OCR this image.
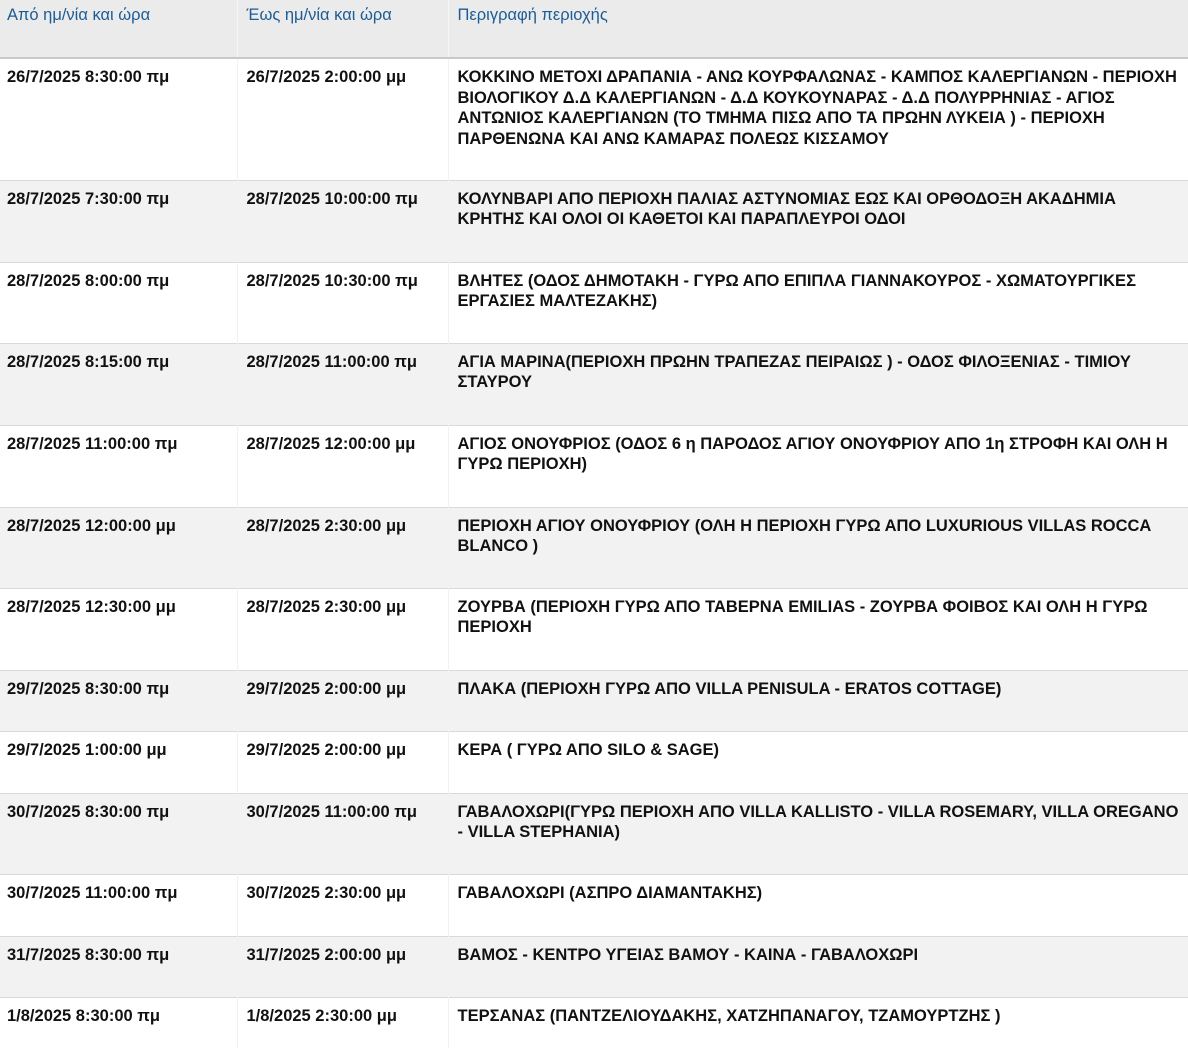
Από ημ/νία και ώρα	Έως ημ/νία και ώρα	Περιγραφή περιοχής
26/7/2025 8:30:00 πμ	26/7/2025 2:00:00 μμ	ΚΟΚΚΙΝΟ ΜΕΤΟΧΙ ΔΡΑΠΑΝΙΑ - ΑΝΩ ΚΟΥΡΦΑΛΩΝΑΣ - ΚΑΜΠΟΣ ΚΑΛΕΡΓΙΑΝΩΝ - ΠΕΡΙΟΧΗ ΒΙΟΛΟΓΙΚΟΥ Δ.Δ ΚΑΛΕΡΓΙΑΝΩΝ - Δ.Δ ΚΟΥΚΟΥΝΑΡΑΣ - Δ.Δ ΠΟΛΥΡΡΗΝΙΑΣ - ΑΓΙΟΣ ΑΝΤΩΝΙΟΣ ΚΑΛΕΡΓΙΑΝΩΝ (ΤΟ ΤΜΗΜΑ ΠΙΣΩ ΑΠΟ ΤΑ ΠΡΩΗΝ ΛΥΚΕΙΑ ) - ΠΕΡΙΟΧΗ ΠΑΡΘΕΝΩΝΑ ΚΑΙ ΑΝΩ ΚΑΜΑΡΑΣ ΠΟΛΕΩΣ ΚΙΣΣΑΜΟΥ
28/7/2025 7:30:00 πμ	28/7/2025 10:00:00 πμ	ΚΟΛΥΝΒΑΡΙ ΑΠΟ ΠΕΡΙΟΧΗ ΠΑΛΙΑΣ ΑΣΤΥΝΟΜΙΑΣ ΕΩΣ ΚΑΙ ΟΡΘΟΔΟΞΗ ΑΚΑΔΗΜΙΑ ΚΡΗΤΗΣ ΚΑΙ ΟΛΟΙ ΟΙ ΚΑΘΕΤΟΙ ΚΑΙ ΠΑΡΑΠΛΕΥΡΟΙ ΟΔΟΙ
28/7/2025 8:00:00 πμ	28/7/2025 10:30:00 πμ	ΒΛΗΤΕΣ (ΟΔΟΣ ΔΗΜΟΤΑΚΗ - ΓΥΡΩ ΑΠΟ ΕΠΙΠΛΑ ΓΙΑΝΝΑΚΟΥΡΟΣ - ΧΩΜΑΤΟΥΡΓΙΚΕΣ ΕΡΓΑΣΙΕΣ ΜΑΛΤΕΖΑΚΗΣ)
28/7/2025 8:15:00 πμ	28/7/2025 11:00:00 πμ	ΑΓΙΑ ΜΑΡΙΝΑ(ΠΕΡΙΟΧΗ ΠΡΩΗΝ ΤΡΑΠΕΖΑΣ ΠΕΙΡΑΙΩΣ ) - ΟΔΟΣ ΦΙΛΟΞΕΝΙΑΣ - ΤΙΜΙΟΥ ΣΤΑΥΡΟΥ
28/7/2025 11:00:00 πμ	28/7/2025 12:00:00 μμ	ΑΓΙΟΣ ΟΝΟΥΦΡΙΟΣ (ΟΔΟΣ 6 η ΠΑΡΟΔΟΣ ΑΓΙΟΥ ΟΝΟΥΦΡΙΟΥ ΑΠΟ 1η ΣΤΡΟΦΗ ΚΑΙ ΟΛΗ Η ΓΥΡΩ ΠΕΡΙΟΧΗ)
28/7/2025 12:00:00 μμ	28/7/2025 2:30:00 μμ	ΠΕΡΙΟΧΗ ΑΓΙΟΥ ΟΝΟΥΦΡΙΟΥ (ΟΛΗ Η ΠΕΡΙΟΧΗ ΓΥΡΩ ΑΠΟ LUXURIOUS VILLAS ROCCA BLANCO )
28/7/2025 12:30:00 μμ	28/7/2025 2:30:00 μμ	ΖΟΥΡΒΑ (ΠΕΡΙΟΧΗ ΓΥΡΩ ΑΠΟ ΤΑΒΕΡΝΑ EMILIAS - ΖΟΥΡΒΑ ΦΟΙΒΟΣ ΚΑΙ ΟΛΗ Η ΓΥΡΩ ΠΕΡΙΟΧΗ
29/7/2025 8:30:00 πμ	29/7/2025 2:00:00 μμ	ΠΛΑΚΑ (ΠΕΡΙΟΧΗ ΓΥΡΩ ΑΠΟ VILLA PENISULA - ERATOS COTTAGE)
29/7/2025 1:00:00 μμ	29/7/2025 2:00:00 μμ	ΚΕΡΑ ( ΓΥΡΩ ΑΠΟ SILO & SAGE)
30/7/2025 8:30:00 πμ	30/7/2025 11:00:00 πμ	ΓΑΒΑΛΟΧΩΡΙ(ΓΥΡΩ ΠΕΡΙΟΧΗ ΑΠΟ VILLA KALLISTO - VILLA ROSEMARY, VILLA OREGANO - VILLA STEPHANIA)
30/7/2025 11:00:00 πμ	30/7/2025 2:30:00 μμ	ΓΑΒΑΛΟΧΩΡΙ (ΑΣΠΡΟ ΔΙΑΜΑΝΤΑΚΗΣ)
31/7/2025 8:30:00 πμ	31/7/2025 2:00:00 μμ	ΒΑΜΟΣ - ΚΕΝΤΡΟ ΥΓΕΙΑΣ ΒΑΜΟΥ - ΚΑΙΝΑ - ΓΑΒΑΛΟΧΩΡΙ
1/8/2025 8:30:00 πμ	1/8/2025 2:30:00 μμ	ΤΕΡΣΑΝΑΣ (ΠΑΝΤΖΕΛΙΟΥΔΑΚΗΣ, ΧΑΤΖΗΠΑΝΑΓΟΥ, ΤΖΑΜΟΥΡΤΖΗΣ )
